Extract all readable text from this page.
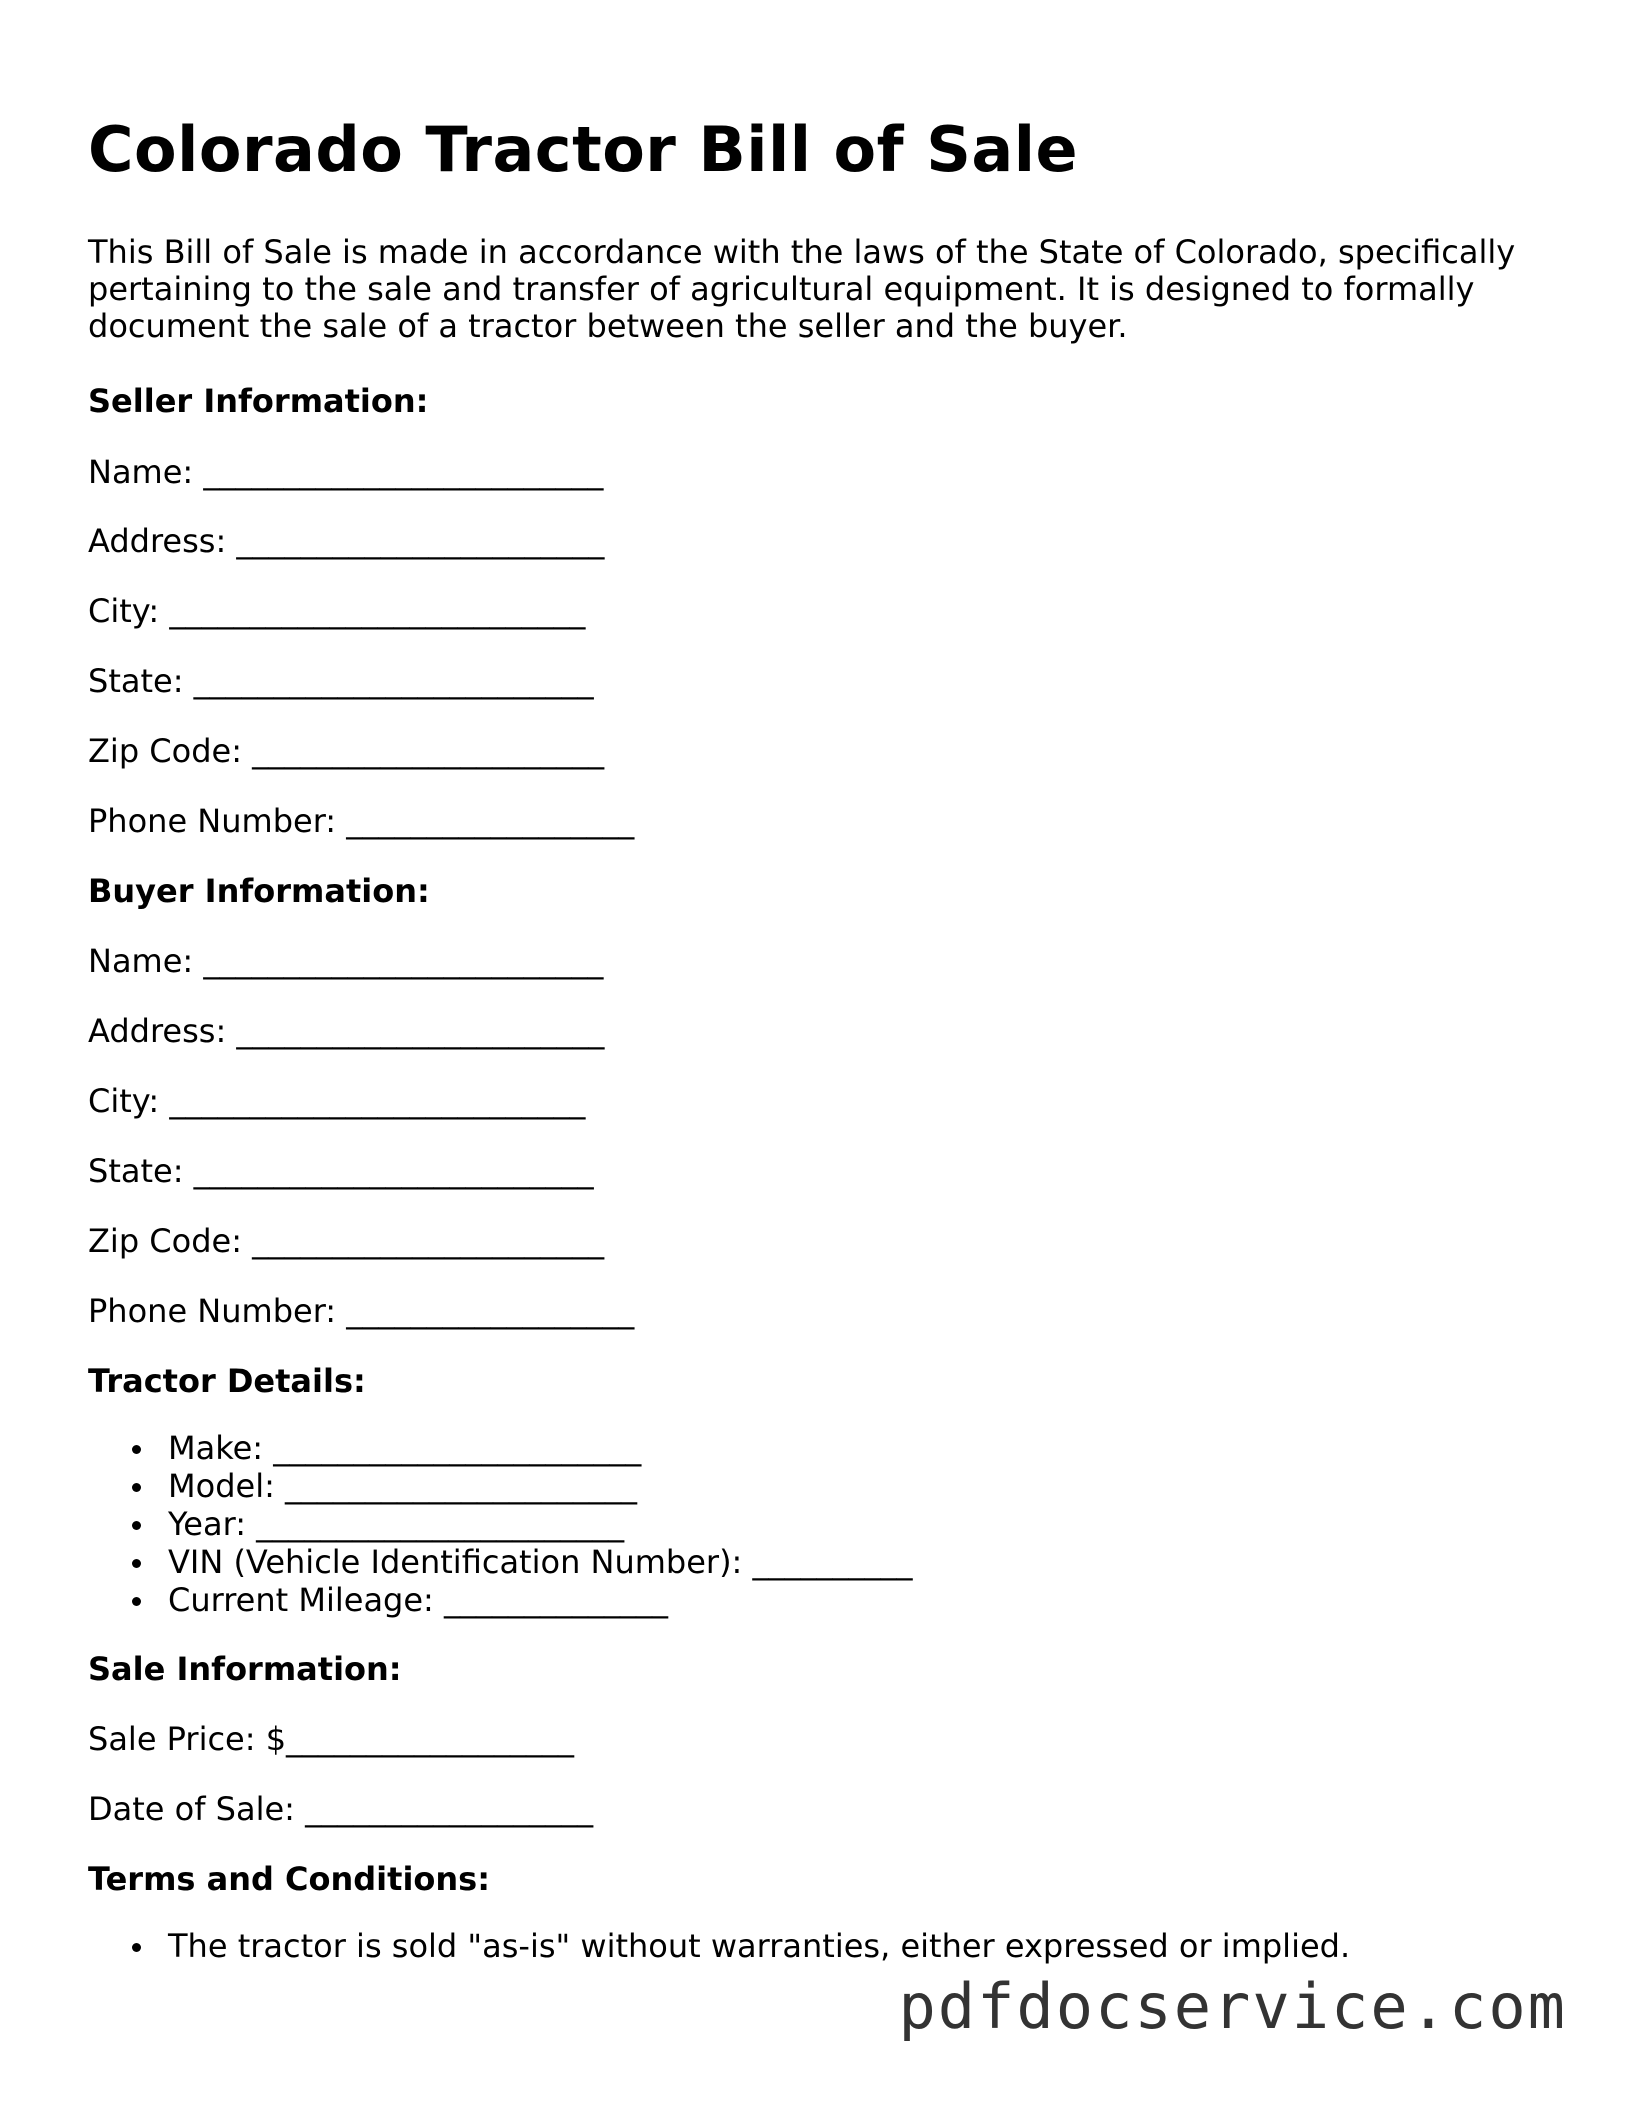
Colorado Tractor Bill of Sale

This Bill of Sale is made in accordance with the laws of the State of Colorado, specifically pertaining to the sale and transfer of agricultural equipment. It is designed to formally document the sale of a tractor between the seller and the buyer.

Seller Information:

Name: _________________________

Address: _______________________

City: __________________________

State: _________________________

Zip Code: ______________________

Phone Number: __________________

Buyer Information:

Name: _________________________

Address: _______________________

City: __________________________

State: _________________________

Zip Code: ______________________

Phone Number: __________________

Tractor Details:

Make: _______________________
Model: ______________________
Year: _______________________
VIN (Vehicle Identification Number): __________
Current Mileage: ______________

Sale Information:

Sale Price: $__________________

Date of Sale: __________________

Terms and Conditions:

The tractor is sold "as-is" without warranties, either expressed or implied.
pdfdocservice.com
